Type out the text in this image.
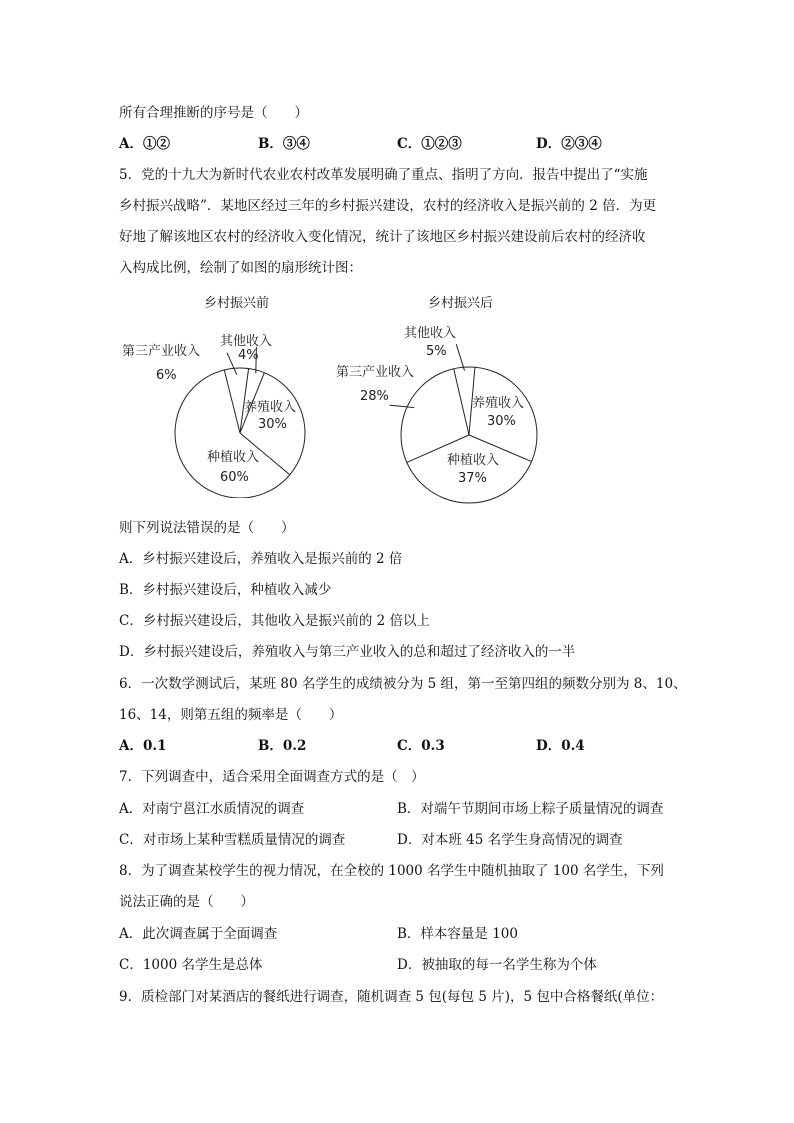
所有合理推断的序号是（　　）
A．①②	B．③④	C．①②③	D．②③④
5．党的十九大为新时代农业农村改革发展明确了重点、指明了方向．报告中提出了“实施
乡村振兴战略”．某地区经过三年的乡村振兴建设，农村的经济收入是振兴前的 2 倍．为更
好地了解该地区农村的经济收入变化情况，统计了该地区乡村振兴建设前后农村的经济收
入构成比例，绘制了如图的扇形统计图：
乡村振兴前
其他收入
4%
第三产业收入
6%
养殖收入
30%
种植收入
60%
乡村振兴后
其他收入
5%
第三产业收入
28%	养殖收入
30%
种植收入
37%
则下列说法错误的是（　　）
A．乡村振兴建设后，养殖收入是振兴前的 2 倍
B．乡村振兴建设后，种植收入减少
C．乡村振兴建设后，其他收入是振兴前的 2 倍以上
D．乡村振兴建设后，养殖收入与第三产业收入的总和超过了经济收入的一半
6．一次数学测试后，某班 80 名学生的成绩被分为 5 组，第一至第四组的频数分别为 8、10、
16、14，则第五组的频率是（　　）
A．0.1	B．0.2	C．0.3	D．0.4
7．下列调查中，适合采用全面调查方式的是（　）
A．对南宁邕江水质情况的调查	B．对端午节期间市场上粽子质量情况的调查
C．对市场上某种雪糕质量情况的调查	D．对本班 45 名学生身高情况的调查
8．为了调查某校学生的视力情况，在全校的 1000 名学生中随机抽取了 100 名学生，下列
说法正确的是（　　）
A．此次调查属于全面调查	B．样本容量是 100
C．1000 名学生是总体	D．被抽取的每一名学生称为个体
9．质检部门对某酒店的餐纸进行调查，随机调查 5 包(每包 5 片)，5 包中合格餐纸(单位：
